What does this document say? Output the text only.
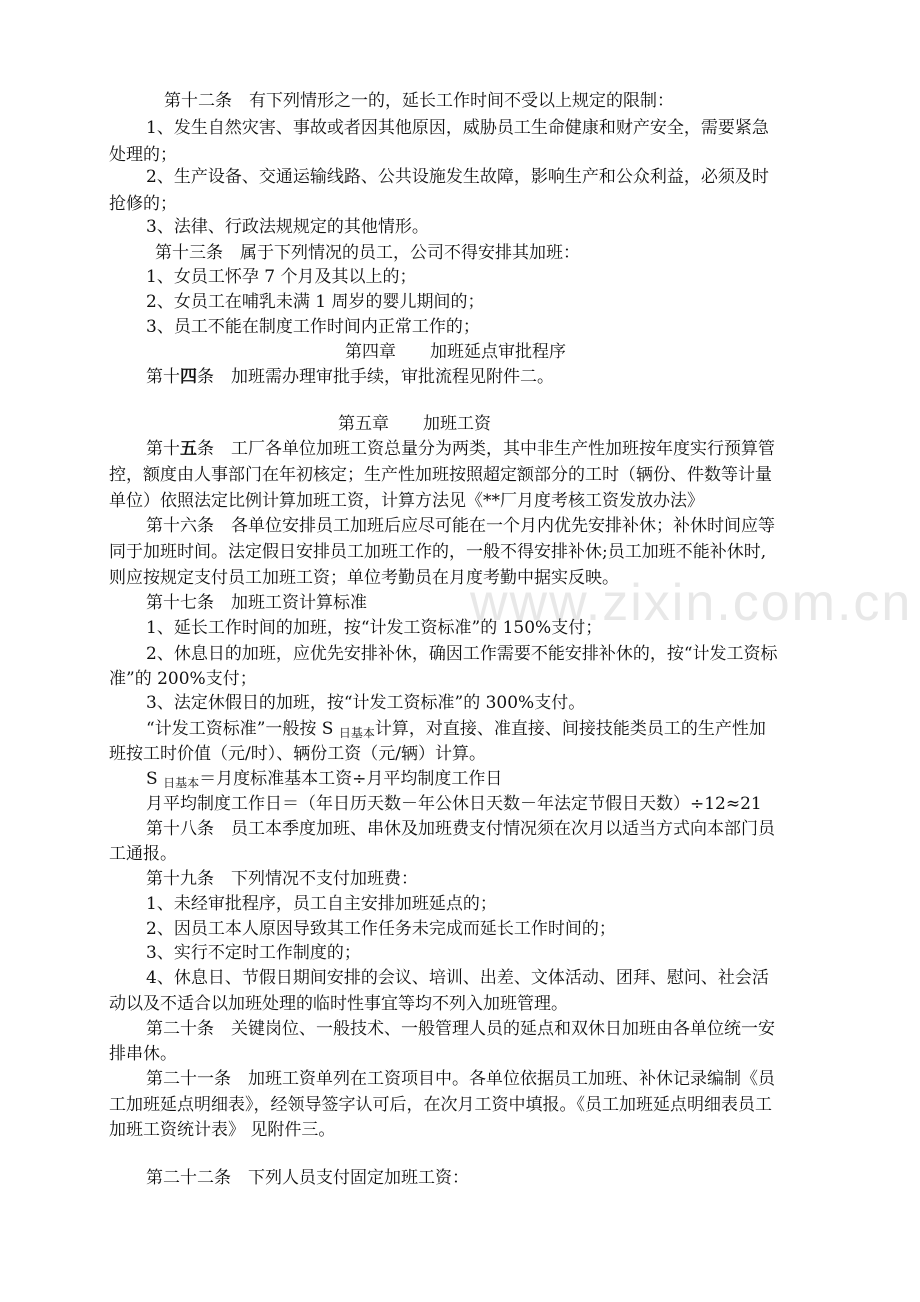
www.zixin.com.cn
第十二条　有下列情形之一的，延长工作时间不受以上规定的限制：
1、发生自然灾害、事故或者因其他原因，威胁员工生命健康和财产安全，需要紧急
处理的；
2、生产设备、交通运输线路、公共设施发生故障，影响生产和公众利益，必须及时
抢修的；
3、法律、行政法规规定的其他情形。
第十三条　属于下列情况的员工，公司不得安排其加班：
1、女员工怀孕 7 个月及其以上的；
2、女员工在哺乳未满 1 周岁的婴儿期间的；
3、员工不能在制度工作时间内正常工作的；
第四章　　加班延点审批程序
第十四条　加班需办理审批手续，审批流程见附件二。
第五章　　加班工资
第十五条　工厂各单位加班工资总量分为两类，其中非生产性加班按年度实行预算管
控，额度由人事部门在年初核定；生产性加班按照超定额部分的工时（辆份、件数等计量
单位）依照法定比例计算加班工资，计算方法见《**厂月度考核工资发放办法》
第十六条　各单位安排员工加班后应尽可能在一个月内优先安排补休；补休时间应等
同于加班时间。法定假日安排员工加班工作的，一般不得安排补休;员工加班不能补休时,
则应按规定支付员工加班工资；单位考勤员在月度考勤中据实反映。
第十七条　加班工资计算标准
1、延长工作时间的加班，按“计发工资标准”的 150%支付；
2、休息日的加班，应优先安排补休，确因工作需要不能安排补休的，按“计发工资标
准”的 200%支付；
3、法定休假日的加班，按“计发工资标准”的 300%支付。
“计发工资标准”一般按 S $_{日基本}$计算，对直接、准直接、间接技能类员工的生产性加
班按工时价值（元/时）、辆份工资（元/辆）计算。
S $_{日基本}$＝月度标准基本工资÷月平均制度工作日
月平均制度工作日＝（年日历天数－年公休日天数－年法定节假日天数）÷12≈21
第十八条　员工本季度加班、串休及加班费支付情况须在次月以适当方式向本部门员
工通报。
第十九条　下列情况不支付加班费：
1、未经审批程序，员工自主安排加班延点的；
2、因员工本人原因导致其工作任务未完成而延长工作时间的；
3、实行不定时工作制度的；
4、休息日、节假日期间安排的会议、培训、出差、文体活动、团拜、慰问、社会活
动以及不适合以加班处理的临时性事宜等均不列入加班管理。
第二十条　关键岗位、一般技术、一般管理人员的延点和双休日加班由各单位统一安
排串休。
第二十一条　加班工资单列在工资项目中。各单位依据员工加班、补休记录编制《员
工加班延点明细表》，经领导签字认可后，在次月工资中填报。《员工加班延点明细表员工
加班工资统计表》 见附件三。
第二十二条　下列人员支付固定加班工资：
